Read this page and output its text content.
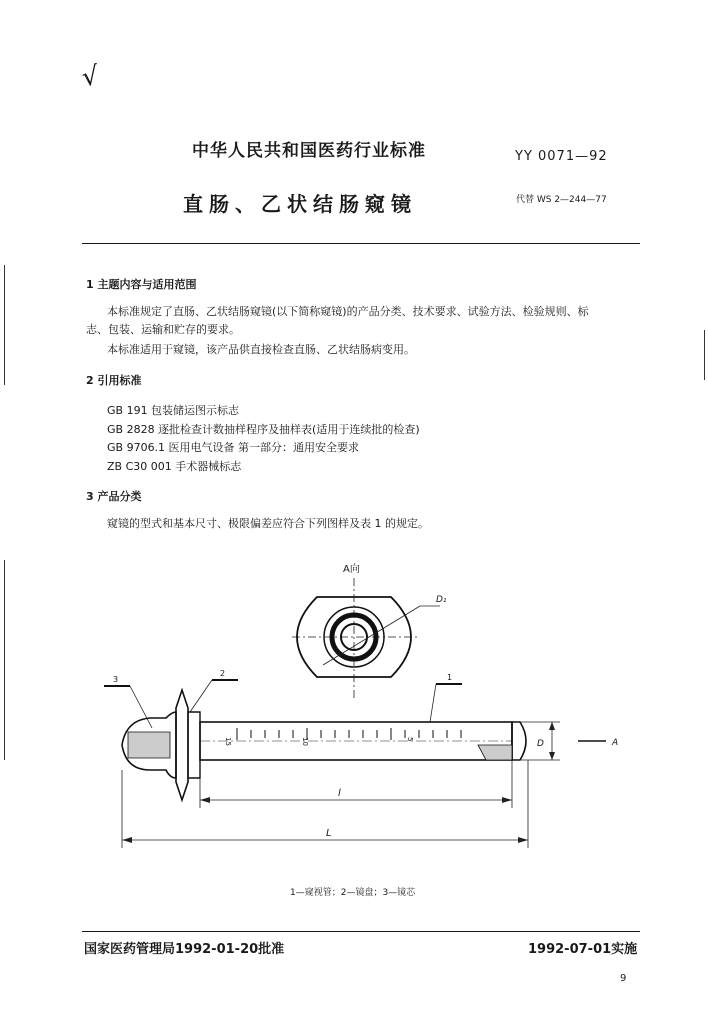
√
中华人民共和国医药行业标准	YY 0071—92
直肠、乙状结肠窥镜	代替 WS 2—244—77
1 主题内容与适用范围
本标准规定了直肠、乙状结肠窥镜(以下简称窥镜)的产品分类、技术要求、试验方法、检验规则、标
志、包装、运输和贮存的要求。
本标准适用于窥镜，该产品供直接检查直肠、乙状结肠病变用。
2 引用标准
GB 191 包装储运图示标志
GB 2828 逐批检查计数抽样程序及抽样表(适用于连续批的检查)
GB 9706.1 医用电气设备 第一部分：通用安全要求
ZB C30 001 手术器械标志
3 产品分类
窥镜的型式和基本尺寸、极限偏差应符合下列图样及表 1 的规定。
A向
D₁
3
2	1
15	10	5	D	A
l
L
1—窥视管；2—镜盘；3—镜芯
国家医药管理局1992-01-20批准	1992-07-01实施
9
